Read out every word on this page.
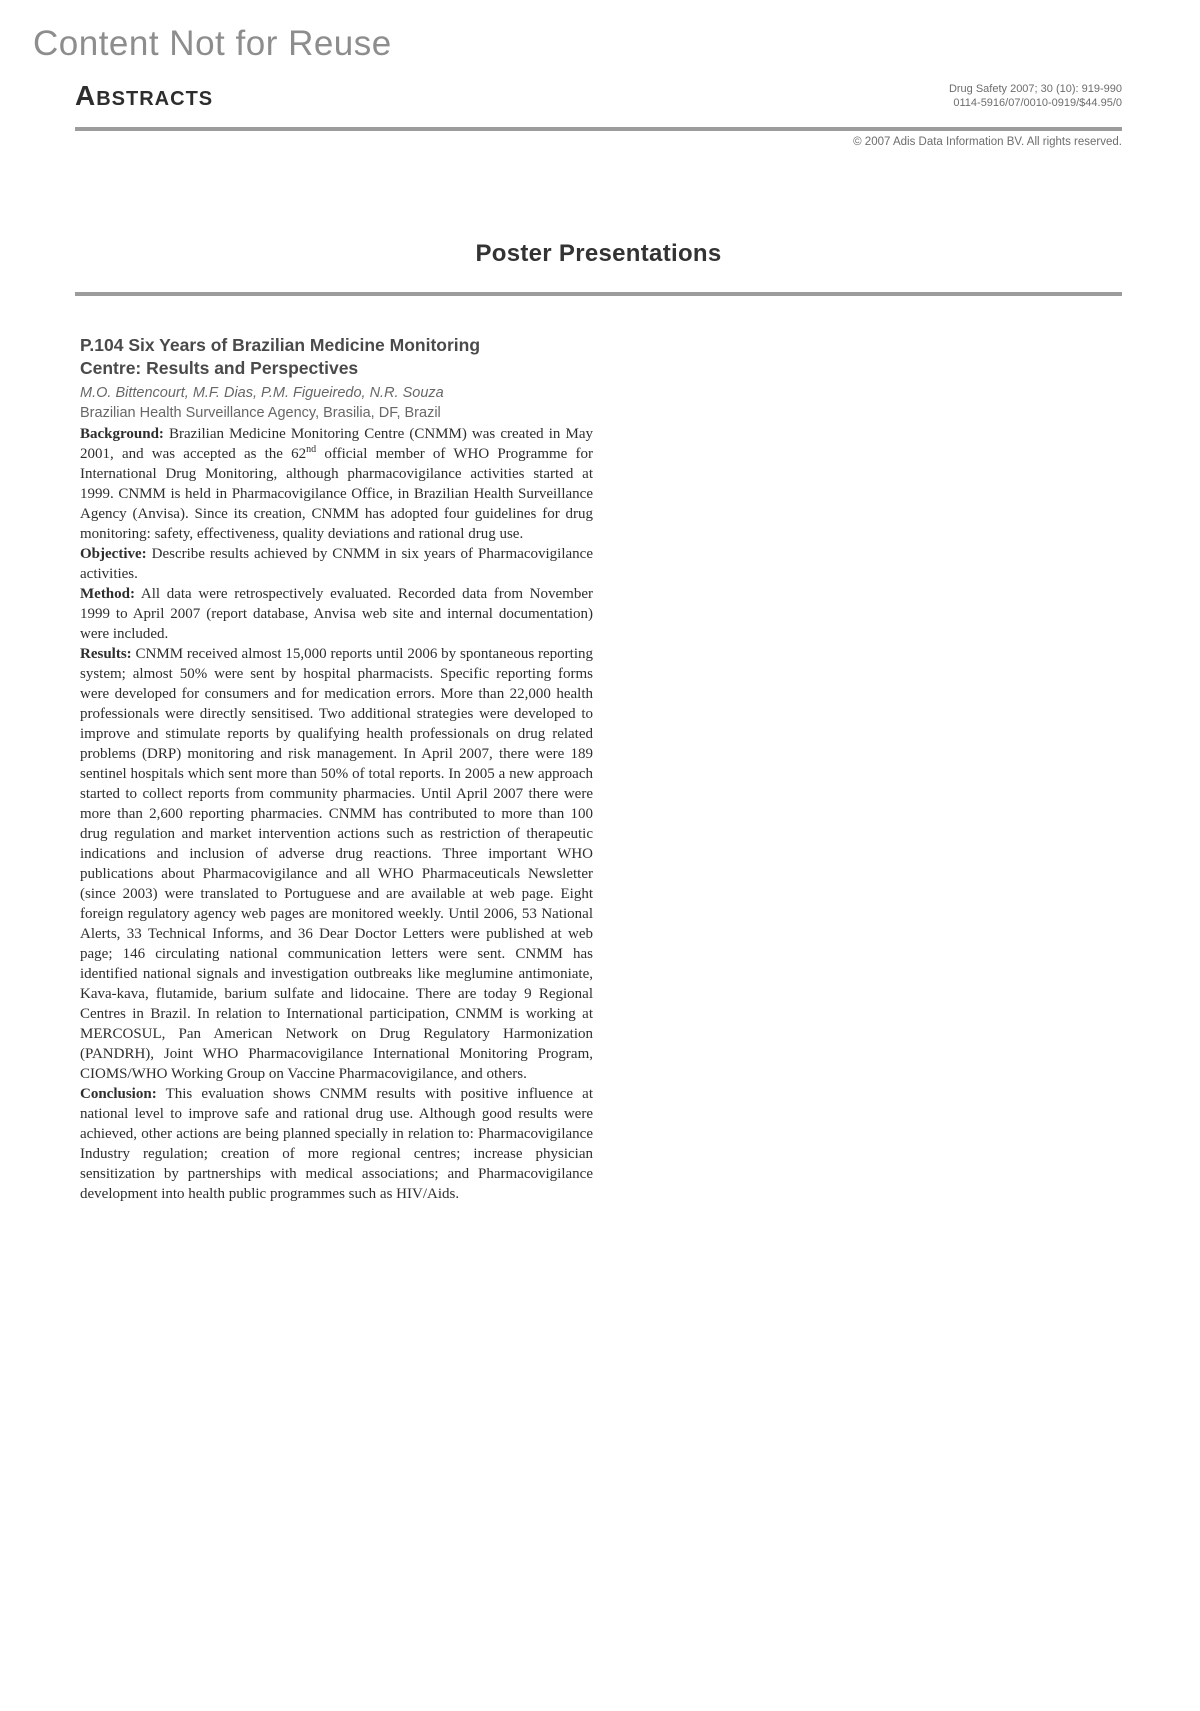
Content Not for Reuse
ABSTRACTS	Drug Safety 2007; 30 (10): 919-990
0114-5916/07/0010-0919/$44.95/0
© 2007 Adis Data Information BV. All rights reserved.
Poster Presentations
P.104 Six Years of Brazilian Medicine Monitoring
Centre: Results and Perspectives
M.O. Bittencourt, M.F. Dias, P.M. Figueiredo, N.R. Souza
Brazilian Health Surveillance Agency, Brasilia, DF, Brazil

Background: Brazilian Medicine Monitoring Centre (CNMM) was created in May 2001, and was accepted as the 62nd official member of WHO Programme for International Drug Monitoring, although pharmacovigilance activities started at 1999. CNMM is held in Pharmacovigilance Office, in Brazilian Health Surveillance Agency (Anvisa). Since its creation, CNMM has adopted four guidelines for drug monitoring: safety, effectiveness, quality deviations and rational drug use.

Objective: Describe results achieved by CNMM in six years of Pharmacovigilance activities.

Method: All data were retrospectively evaluated. Recorded data from November 1999 to April 2007 (report database, Anvisa web site and internal documentation) were included.

Results: CNMM received almost 15,000 reports until 2006 by spontaneous reporting system; almost 50% were sent by hospital pharmacists. Specific reporting forms were developed for consumers and for medication errors. More than 22,000 health professionals were directly sensitised. Two additional strategies were developed to improve and stimulate reports by qualifying health professionals on drug related problems (DRP) monitoring and risk management. In April 2007, there were 189 sentinel hospitals which sent more than 50% of total reports. In 2005 a new approach started to collect reports from community pharmacies. Until April 2007 there were more than 2,600 reporting pharmacies. CNMM has contributed to more than 100 drug regulation and market intervention actions such as restriction of therapeutic indications and inclusion of adverse drug reactions. Three important WHO publications about Pharmacovigilance and all WHO Pharmaceuticals Newsletter (since 2003) were translated to Portuguese and are available at web page. Eight foreign regulatory agency web pages are monitored weekly. Until 2006, 53 National Alerts, 33 Technical Informs, and 36 Dear Doctor Letters were published at web page; 146 circulating national communication letters were sent. CNMM has identified national signals and investigation outbreaks like meglumine antimoniate, Kava-kava, flutamide, barium sulfate and lidocaine. There are today 9 Regional Centres in Brazil. In relation to International participation, CNMM is working at MERCOSUL, Pan American Network on Drug Regulatory Harmonization (PANDRH), Joint WHO Pharmacovigilance International Monitoring Program, CIOMS/WHO Working Group on Vaccine Pharmacovigilance, and others.

Conclusion: This evaluation shows CNMM results with positive influence at national level to improve safe and rational drug use. Although good results were achieved, other actions are being planned specially in relation to: Pharmacovigilance Industry regulation; creation of more regional centres; increase physician sensitization by partnerships with medical associations; and Pharmacovigilance development into health public programmes such as HIV/Aids.
